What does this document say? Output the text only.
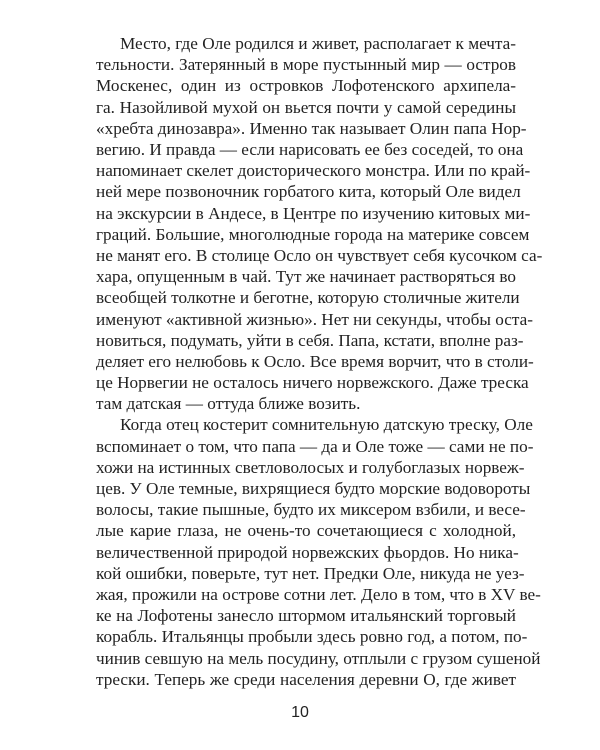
Место, где Оле родился и живет, располагает к мечта-
тельности. Затерянный в море пустынный мир — остров
Москенес, один из островков Лофотенского архипела-
га. Назойливой мухой он вьется почти у самой середины
«хребта динозавра». Именно так называет Олин папа Нор-
вегию. И правда — если нарисовать ее без соседей, то она
напоминает скелет доисторического монстра. Или по край-
ней мере позвоночник горбатого кита, который Оле видел
на экскурсии в Андесе, в Центре по изучению китовых ми-
граций. Большие, многолюдные города на материке совсем
не манят его. В столице Осло он чувствует себя кусочком са-
хара, опущенным в чай. Тут же начинает растворяться во
всеобщей толкотне и беготне, которую столичные жители
именуют «активной жизнью». Нет ни секунды, чтобы оста-
новиться, подумать, уйти в себя. Папа, кстати, вполне раз-
деляет его нелюбовь к Осло. Все время ворчит, что в столи-
це Норвегии не осталось ничего норвежского. Даже треска
там датская — оттуда ближе возить.
Когда отец костерит сомнительную датскую треску, Оле
вспоминает о том, что папа — да и Оле тоже — сами не по-
хожи на истинных светловолосых и голубоглазых норвеж-
цев. У Оле темные, вихрящиеся будто морские водовороты
волосы, такие пышные, будто их миксером взбили, и весе-
лые карие глаза, не очень-то сочетающиеся с холодной,
величественной природой норвежских фьордов. Но ника-
кой ошибки, поверьте, тут нет. Предки Оле, никуда не уез-
жая, прожили на острове сотни лет. Дело в том, что в XV ве-
ке на Лофотены занесло штормом итальянский торговый
корабль. Итальянцы пробыли здесь ровно год, а потом, по-
чинив севшую на мель посудину, отплыли с грузом сушеной
трески. Теперь же среди населения деревни О, где живет
10
